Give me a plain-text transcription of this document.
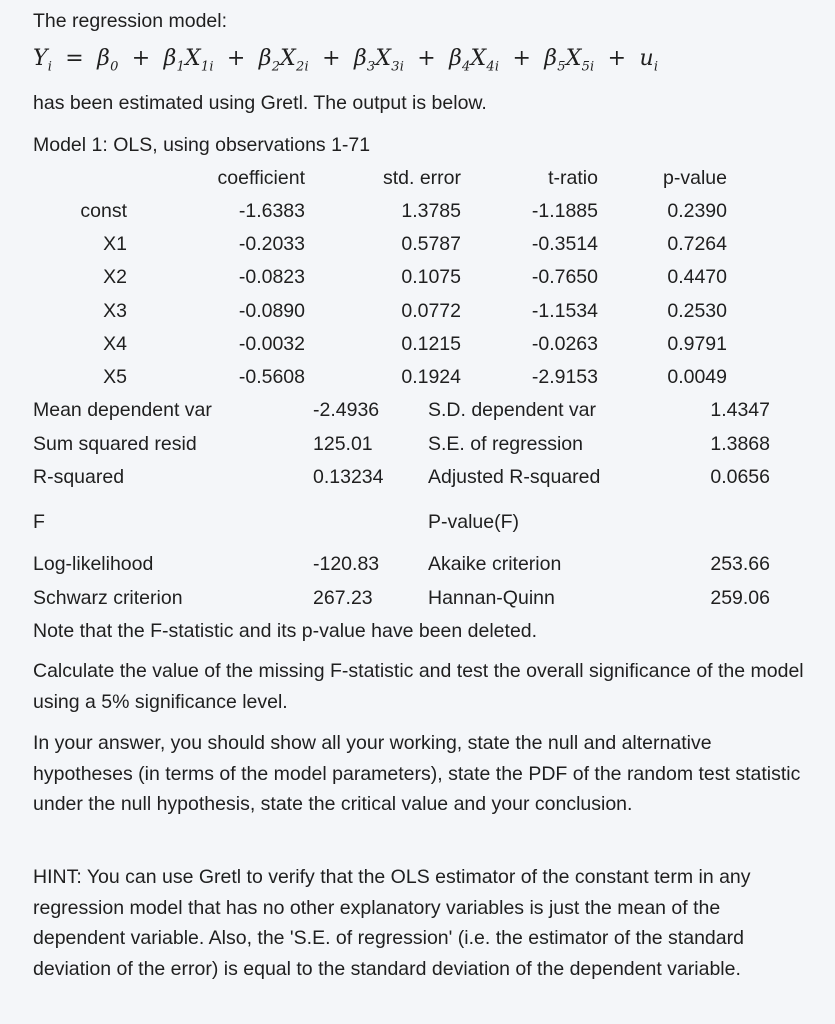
The regression model:
$Y_i = \beta_0 + \beta_1X_{1i} + \beta_2X_{2i} + \beta_3X_{3i} + \beta_4X_{4i} + \beta_5X_{5i} + u_i$
has been estimated using Gretl. The output is below.
Model 1: OLS, using observations 1-71
coefficient	std. error	t-ratio	p-value
const	-1.6383	1.3785	-1.1885	0.2390
X1	-0.2033	0.5787	-0.3514	0.7264
X2	-0.0823	0.1075	-0.7650	0.4470
X3	-0.0890	0.0772	-1.1534	0.2530
X4	-0.0032	0.1215	-0.0263	0.9791
X5	-0.5608	0.1924	-2.9153	0.0049
Mean dependent var	-2.4936	S.D. dependent var	1.4347
Sum squared resid	125.01	S.E. of regression	1.3868
R-squared	0.13234 Adjusted R-squared	0.0656
F	P-value(F)
Log-likelihood	-120.83	Akaike criterion	253.66
Schwarz criterion	267.23	Hannan-Quinn	259.06
Note that the F-statistic and its p-value have been deleted.
Calculate the value of the missing F-statistic and test the overall significance of the model using a 5% significance level.
In your answer, you should show all your working, state the null and alternative hypotheses (in terms of the model parameters), state the PDF of the random test statistic under the null hypothesis, state the critical value and your conclusion.
HINT: You can use Gretl to verify that the OLS estimator of the constant term in any regression model that has no other explanatory variables is just the mean of the dependent variable. Also, the 'S.E. of regression' (i.e. the estimator of the standard deviation of the error) is equal to the standard deviation of the dependent variable.
